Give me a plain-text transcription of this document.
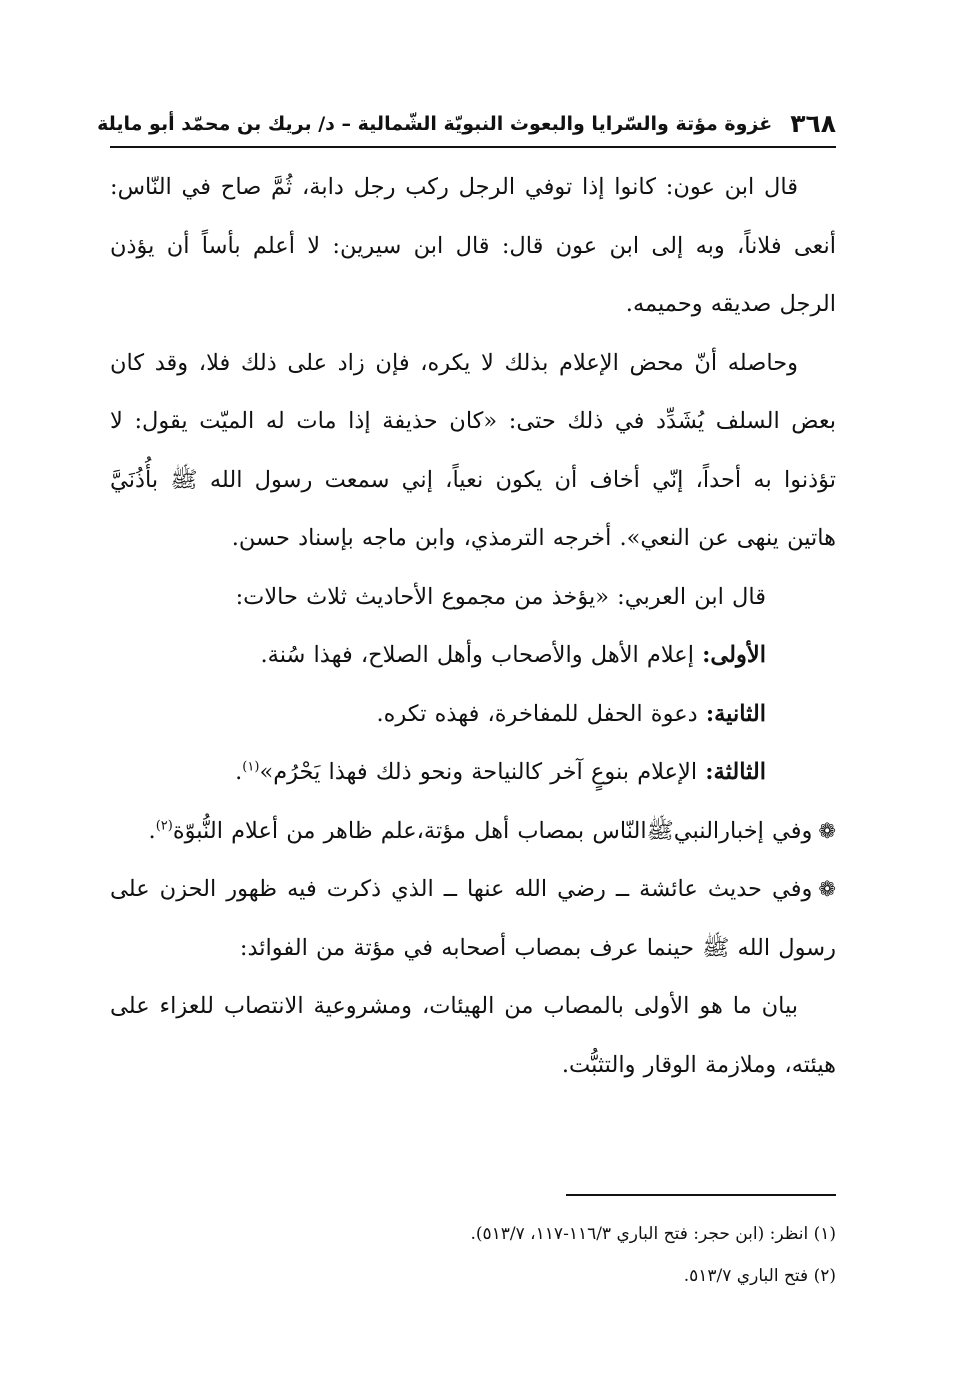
٣٦٨
غزوة مؤتة والسّرايا والبعوث النبويّة الشّمالية – د/ بريك بن محمّد أبو مايلة

قال ابن عون: كانوا إذا توفي الرجل ركب رجل دابة، ثُمَّ صاح في النّاس: أنعى فلاناً، وبه إلى ابن عون قال: قال ابن سيرين: لا أعلم بأساً أن يؤذن الرجل صديقه وحميمه.

وحاصله أنّ محض الإعلام بذلك لا يكره، فإن زاد على ذلك فلا، وقد كان بعض السلف يُشَدِّد في ذلك حتى: «كان حذيفة إذا مات له الميّت يقول: لا تؤذنوا به أحداً، إنّي أخاف أن يكون نعياً، إني سمعت رسول الله ﷺ بأُذُنَيَّ هاتين ينهى عن النعي». أخرجه الترمذي، وابن ماجه بإسناد حسن.

قال ابن العربي: «يؤخذ من مجموع الأحاديث ثلاث حالات:

الأولى: إعلام الأهل والأصحاب وأهل الصلاح، فهذا سُنة.

الثانية: دعوة الحفل للمفاخرة، فهذه تكره.

الثالثة: الإعلام بنوعٍ آخر كالنياحة ونحو ذلك فهذا يَحْرُم»$^{(١)}$.

❁وفي إخبارالنبيﷺالنّاس بمصاب أهل مؤتة،علم ظاهر من أعلام النُّبوّة$^{(٢)}$.

❁وفي حديث عائشة ــ رضي الله عنها ــ الذي ذكرت فيه ظهور الحزن على رسول الله ﷺ حينما عرف بمصاب أصحابه في مؤتة من الفوائد:

بيان ما هو الأولى بالمصاب من الهيئات، ومشروعية الانتصاب للعزاء على هيئته، وملازمة الوقار والتثبُّت.

(١) انظر: (ابن حجر: فتح الباري ١١٦/٣-١١٧، ٥١٣/٧).

(٢) فتح الباري ٥١٣/٧.
